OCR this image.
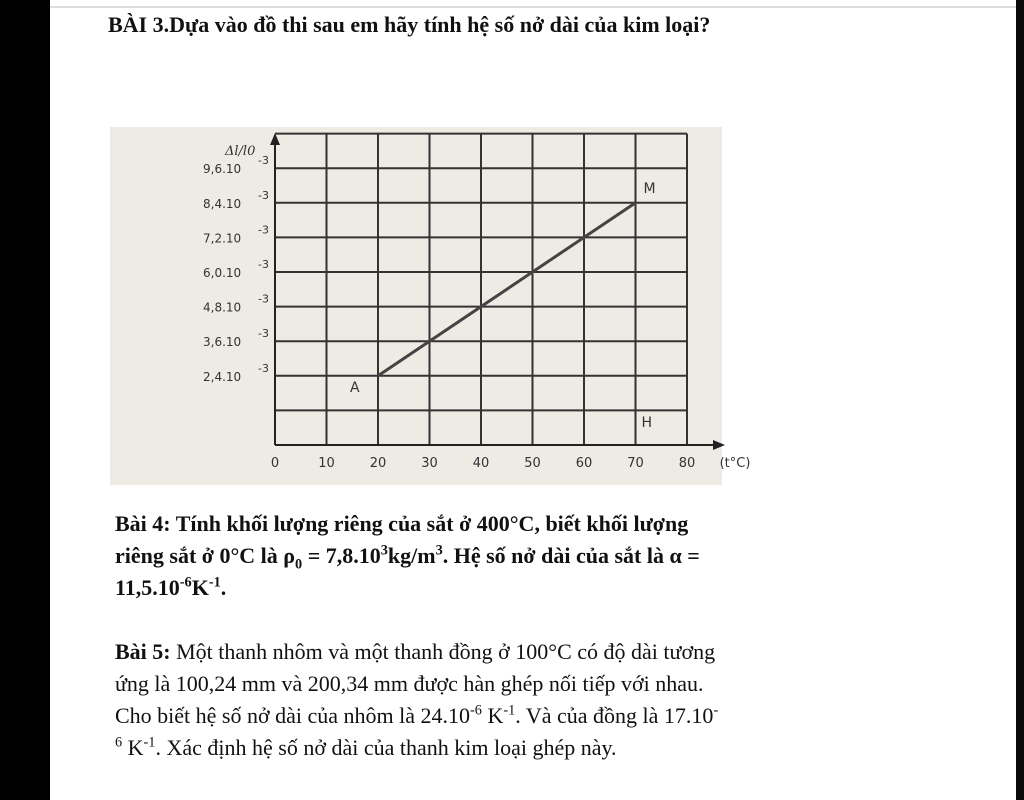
BÀI 3.Dựa vào đồ thi sau em hãy tính hệ số nở dài của kim loại?
0	10	20	30	40	50	60	70	80 (t°C)
2,4.10
-3
3,6.10
-3
4,8.10
-3
6,0.10
-3
7,2.10
-3
8,4.10
-3
9,6.10
-3
Δl/l0
A
M
H
Bài 4: Tính khối lượng riêng của sắt ở 400°C, biết khối lượng
riêng sắt ở 0°C là $\rho_0 = 7,8.10^3kg/m^3$. Hệ số nở dài của sắt là α =
$11,5.10^{-6}K^{-1}$.
Bài 5: Một thanh nhôm và một thanh đồng ở 100°C có độ dài tương
ứng là 100,24 mm và 200,34 mm được hàn ghép nối tiếp với nhau.
Cho biết hệ số nở dài của nhôm là $24.10^{-6}$ $K^{-1}$. Và của đồng là 17.10-
$^6$ $K^{-1}$. Xác định hệ số nở dài của thanh kim loại ghép này.
